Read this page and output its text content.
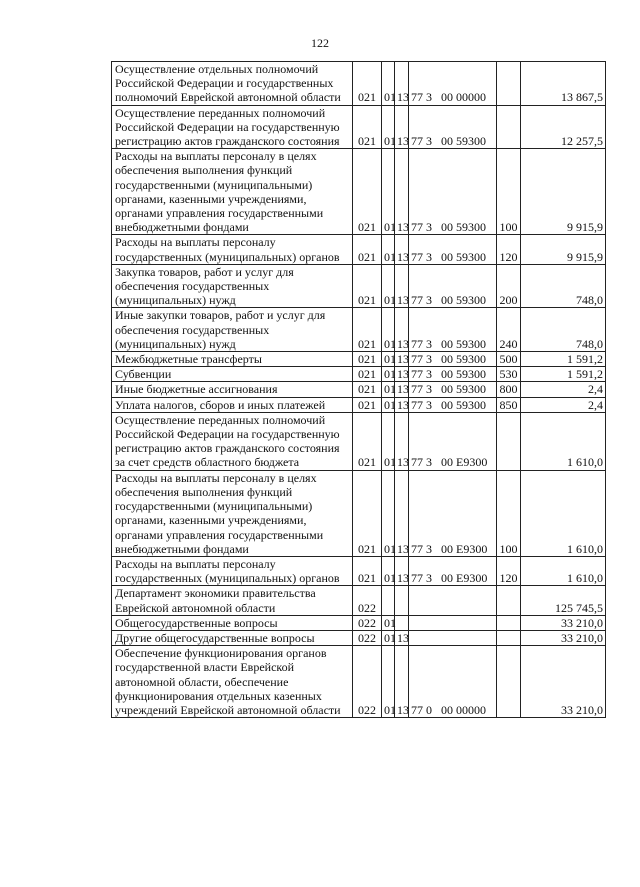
122
Осуществление отдельных полномочий Российской Федерации и государственных полномочий Еврейской автономной области	021	01	13	77 3   00 00000		13 867,5
Осуществление переданных полномочий Российской Федерации на государственную регистрацию актов гражданского состояния	021	01	13	77 3   00 59300		12 257,5
Расходы на выплаты персоналу в целях обеспечения выполнения функций государственными (муниципальными) органами, казенными учреждениями, органами управления государственными внебюджетными фондами	021	01	13	77 3   00 59300	100	9 915,9
Расходы на выплаты персоналу государственных (муниципальных) органов	021	01	13	77 3   00 59300	120	9 915,9
Закупка товаров, работ и услуг для обеспечения государственных (муниципальных) нужд	021	01	13	77 3   00 59300	200	748,0
Иные закупки товаров, работ и услуг для обеспечения государственных (муниципальных) нужд	021	01	13	77 3   00 59300	240	748,0
Межбюджетные трансферты	021	01	13	77 3   00 59300	500	1 591,2
Субвенции	021	01	13	77 3   00 59300	530	1 591,2
Иные бюджетные ассигнования	021	01	13	77 3   00 59300	800	2,4
Уплата налогов, сборов и иных платежей	021	01	13	77 3   00 59300	850	2,4
Осуществление переданных полномочий Российской Федерации на государственную регистрацию актов гражданского состояния за счет средств областного бюджета	021	01	13	77 3   00 E9300		1 610,0
Расходы на выплаты персоналу в целях обеспечения выполнения функций государственными (муниципальными) органами, казенными учреждениями, органами управления государственными внебюджетными фондами	021	01	13	77 3   00 E9300	100	1 610,0
Расходы на выплаты персоналу государственных (муниципальных) органов	021	01	13	77 3   00 E9300	120	1 610,0
Департамент экономики правительства Еврейской автономной области	022					125 745,5
Общегосударственные вопросы	022	01				33 210,0
Другие общегосударственные вопросы	022	01	13			33 210,0
Обеспечение функционирования органов государственной власти Еврейской автономной области, обеспечение функционирования отдельных казенных учреждений Еврейской автономной области	022	01	13	77 0   00 00000		33 210,0
